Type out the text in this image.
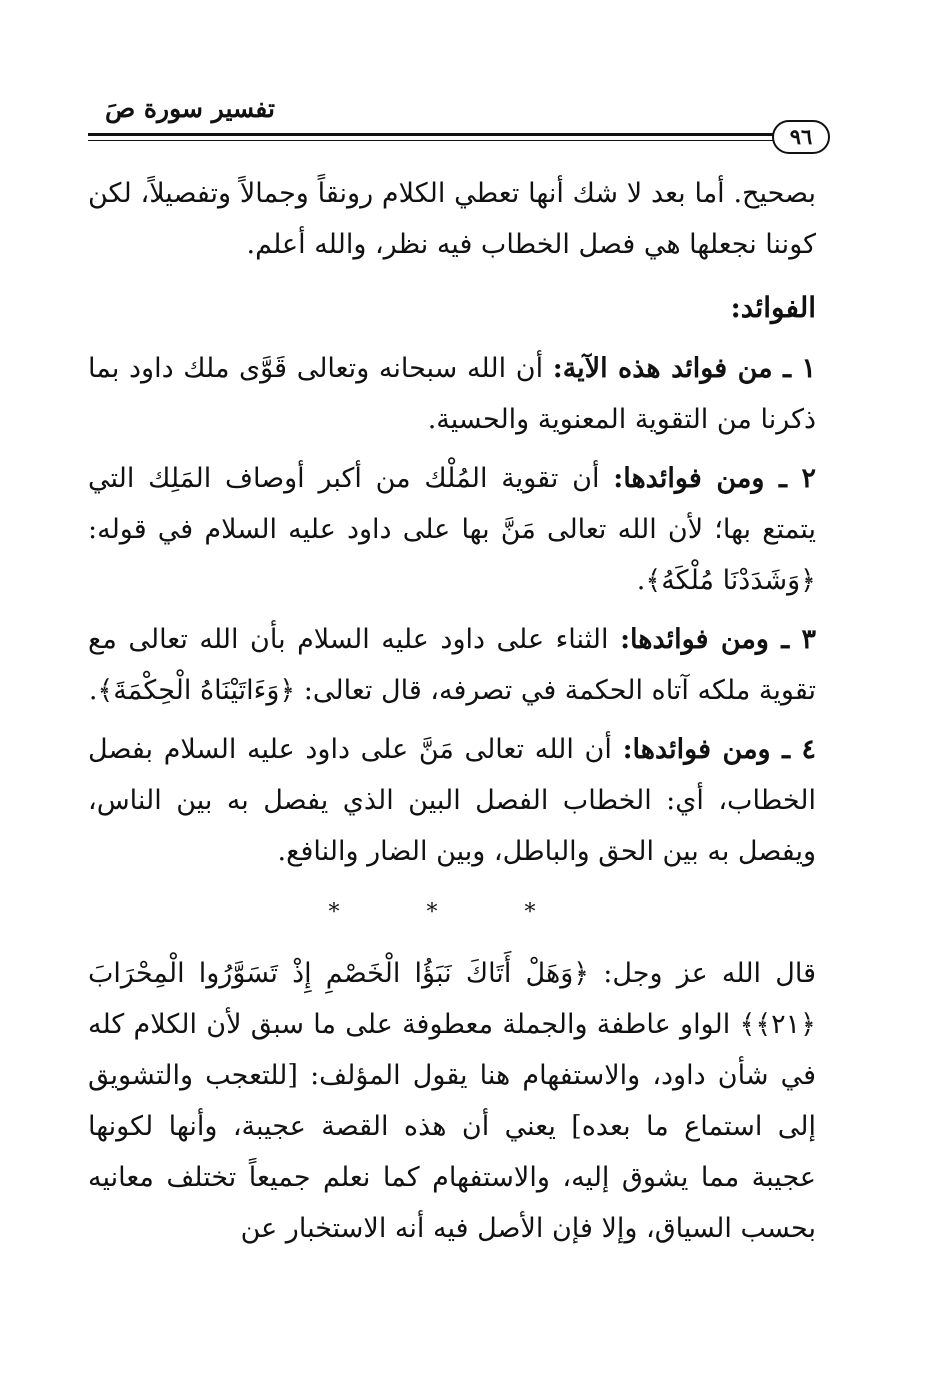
تفسير سورة صَ
٩٦

بصحيح. أما بعد لا شك أنها تعطي الكلام رونقاً وجمالاً وتفصيلاً، لكن كوننا نجعلها هي فصل الخطاب فيه نظر، والله أعلم.

الفوائد:

١ ـ من فوائد هذه الآية: أن الله سبحانه وتعالى قَوَّى ملك داود بما ذكرنا من التقوية المعنوية والحسية.

٢ ـ ومن فوائدها: أن تقوية المُلْك من أكبر أوصاف المَلِك التي يتمتع بها؛ لأن الله تعالى مَنَّ بها على داود عليه السلام في قوله: ﴿وَشَدَدْنَا مُلْكَهُ﴾.

٣ ـ ومن فوائدها: الثناء على داود عليه السلام بأن الله تعالى مع تقوية ملكه آتاه الحكمة في تصرفه، قال تعالى: ﴿وَءَاتَيْنَاهُ الْحِكْمَةَ﴾.

٤ ـ ومن فوائدها: أن الله تعالى مَنَّ على داود عليه السلام بفصل الخطاب، أي: الخطاب الفصل البين الذي يفصل به بين الناس، ويفصل به بين الحق والباطل، وبين الضار والنافع.

* * *

قال الله عز وجل: ﴿وَهَلْ أَتَاكَ نَبَؤُا الْخَصْمِ إِذْ تَسَوَّرُوا الْمِحْرَابَ ﴿٢١﴾﴾ الواو عاطفة والجملة معطوفة على ما سبق لأن الكلام كله في شأن داود، والاستفهام هنا يقول المؤلف: [للتعجب والتشويق إلى استماع ما بعده] يعني أن هذه القصة عجيبة، وأنها لكونها عجيبة مما يشوق إليه، والاستفهام كما نعلم جميعاً تختلف معانيه بحسب السياق، وإلا فإن الأصل فيه أنه الاستخبار عن
